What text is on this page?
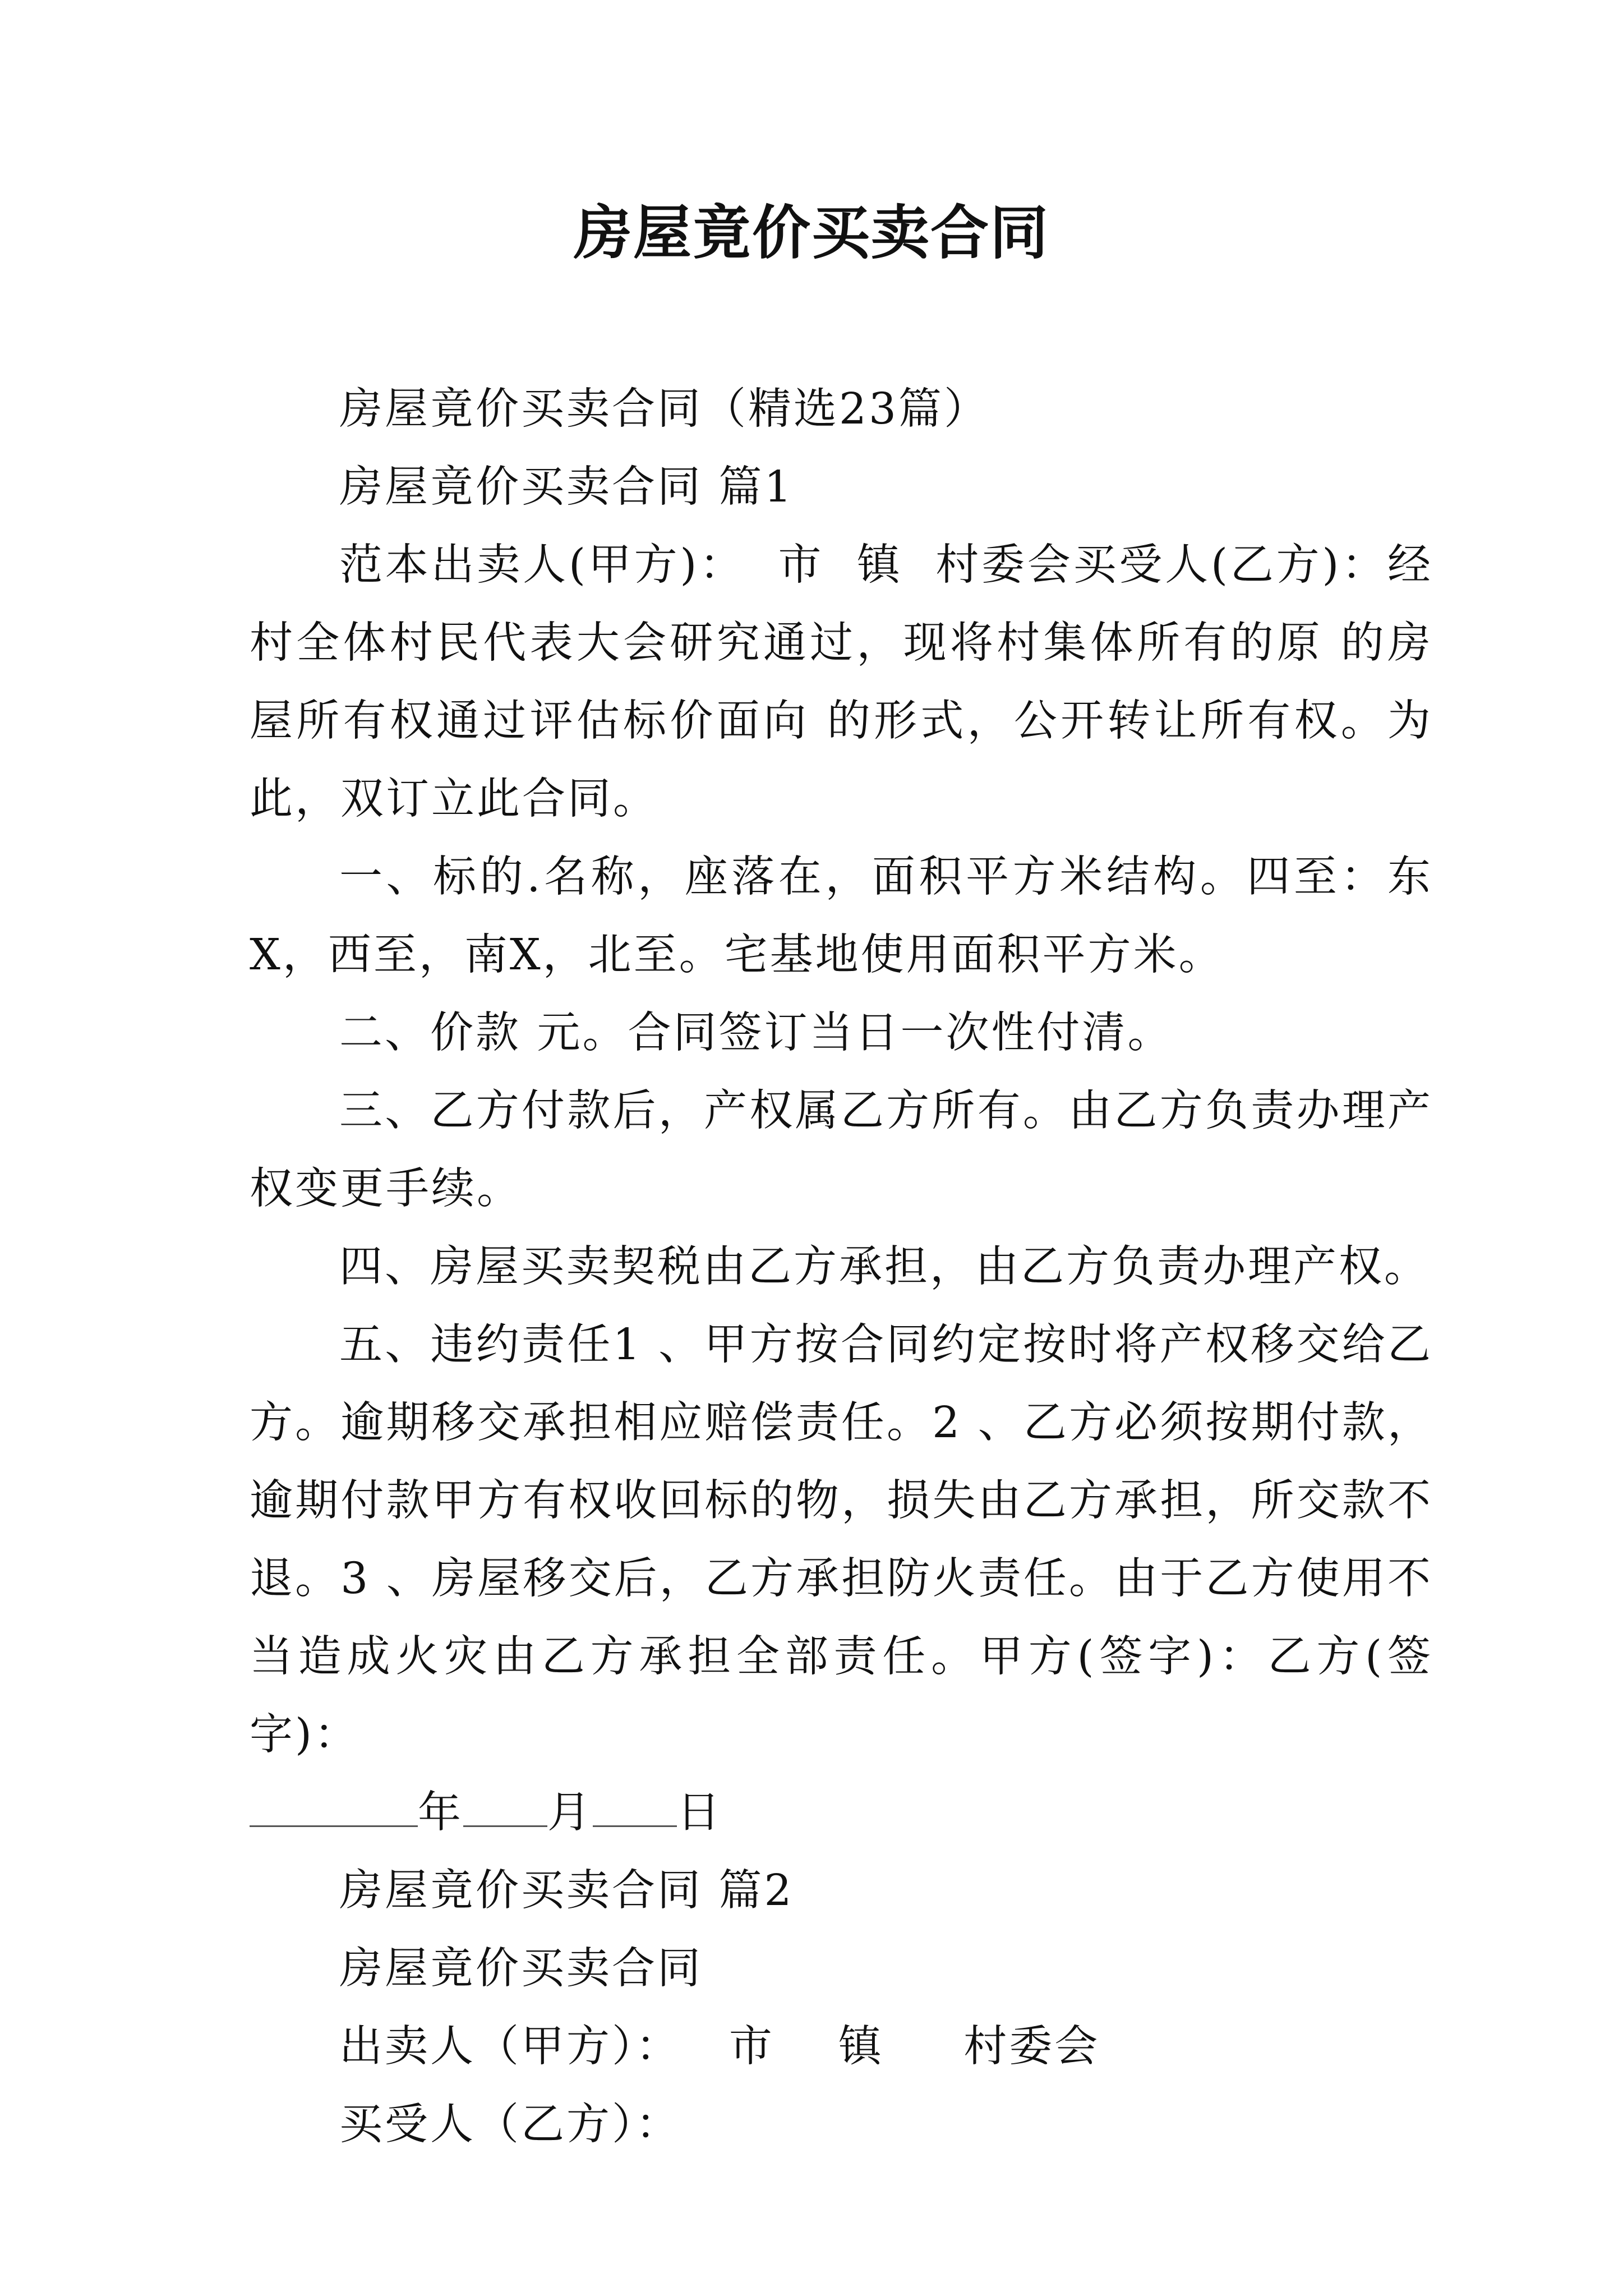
房屋竟价买卖合同

房屋竟价买卖合同（精选23篇）

房屋竟价买卖合同 篇1

范本出卖人(甲方)：  市  镇  村委会买受人(乙方)：经村全体村民代表大会研究通过，现将村集体所有的原 的房屋所有权通过评估标价面向 的形式，公开转让所有权。为此，双订立此合同。

一、标的.名称，座落在，面积平方米结构。四至：东X，西至，南X，北至。宅基地使用面积平方米。

二、价款 元。合同签订当日一次性付清。

三、乙方付款后，产权属乙方所有。由乙方负责办理产权变更手续。

四、房屋买卖契税由乙方承担，由乙方负责办理产权。

五、违约责任1 、甲方按合同约定按时将产权移交给乙方。逾期移交承担相应赔偿责任。2 、乙方必须按期付款，逾期付款甲方有权收回标的物，损失由乙方承担，所交款不退。3 、房屋移交后，乙方承担防火责任。由于乙方使用不当造成火灾由乙方承担全部责任。甲方(签字)：乙方(签字)：

年 月 日

房屋竟价买卖合同 篇2

房屋竟价买卖合同

出卖人（甲方）：   市    镇     村委会

买受人（乙方）：
